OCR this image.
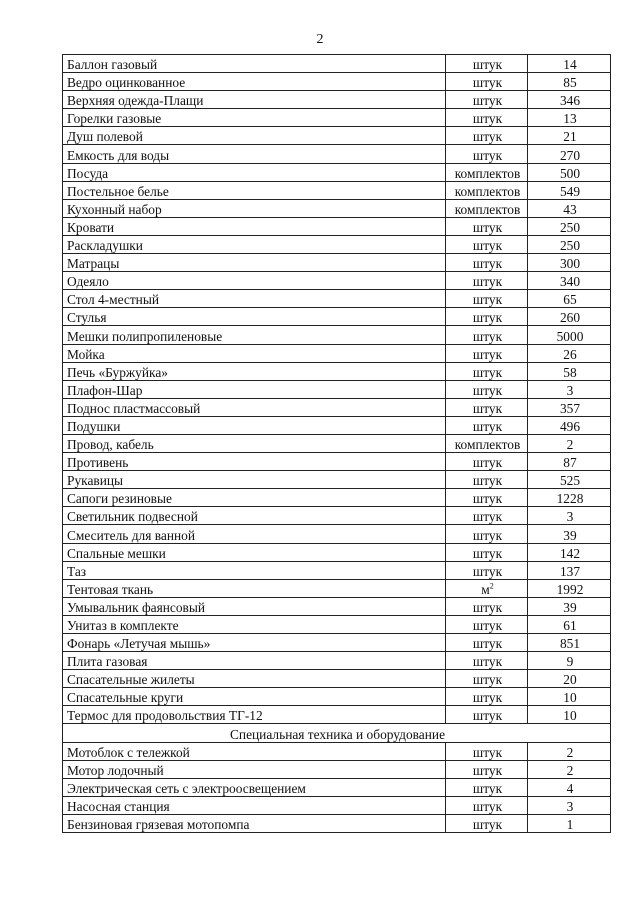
2
Баллон газовый	штук	14
Ведро оцинкованное	штук	85
Верхняя одежда-Плащи	штук	346
Горелки газовые	штук	13
Душ полевой	штук	21
Емкость для воды	штук	270
Посуда	комплектов	500
Постельное белье	комплектов	549
Кухонный набор	комплектов	43
Кровати	штук	250
Раскладушки	штук	250
Матрацы	штук	300
Одеяло	штук	340
Стол 4-местный	штук	65
Стулья	штук	260
Мешки полипропиленовые	штук	5000
Мойка	штук	26
Печь «Буржуйка»	штук	58
Плафон-Шар	штук	3
Поднос пластмассовый	штук	357
Подушки	штук	496
Провод, кабель	комплектов	2
Противень	штук	87
Рукавицы	штук	525
Сапоги резиновые	штук	1228
Светильник подвесной	штук	3
Смеситель для ванной	штук	39
Спальные мешки	штук	142
Таз	штук	137
Тентовая ткань	$м^2$	1992
Умывальник фаянсовый	штук	39
Унитаз в комплекте	штук	61
Фонарь «Летучая мышь»	штук	851
Плита газовая	штук	9
Спасательные жилеты	штук	20
Спасательные круги	штук	10
Термос для продовольствия ТГ-12	штук	10
Специальная техника и оборудование		
Мотоблок с тележкой	штук	2
Мотор лодочный	штук	2
Электрическая сеть с электроосвещением	штук	4
Насосная станция	штук	3
Бензиновая грязевая мотопомпа	штук	1
